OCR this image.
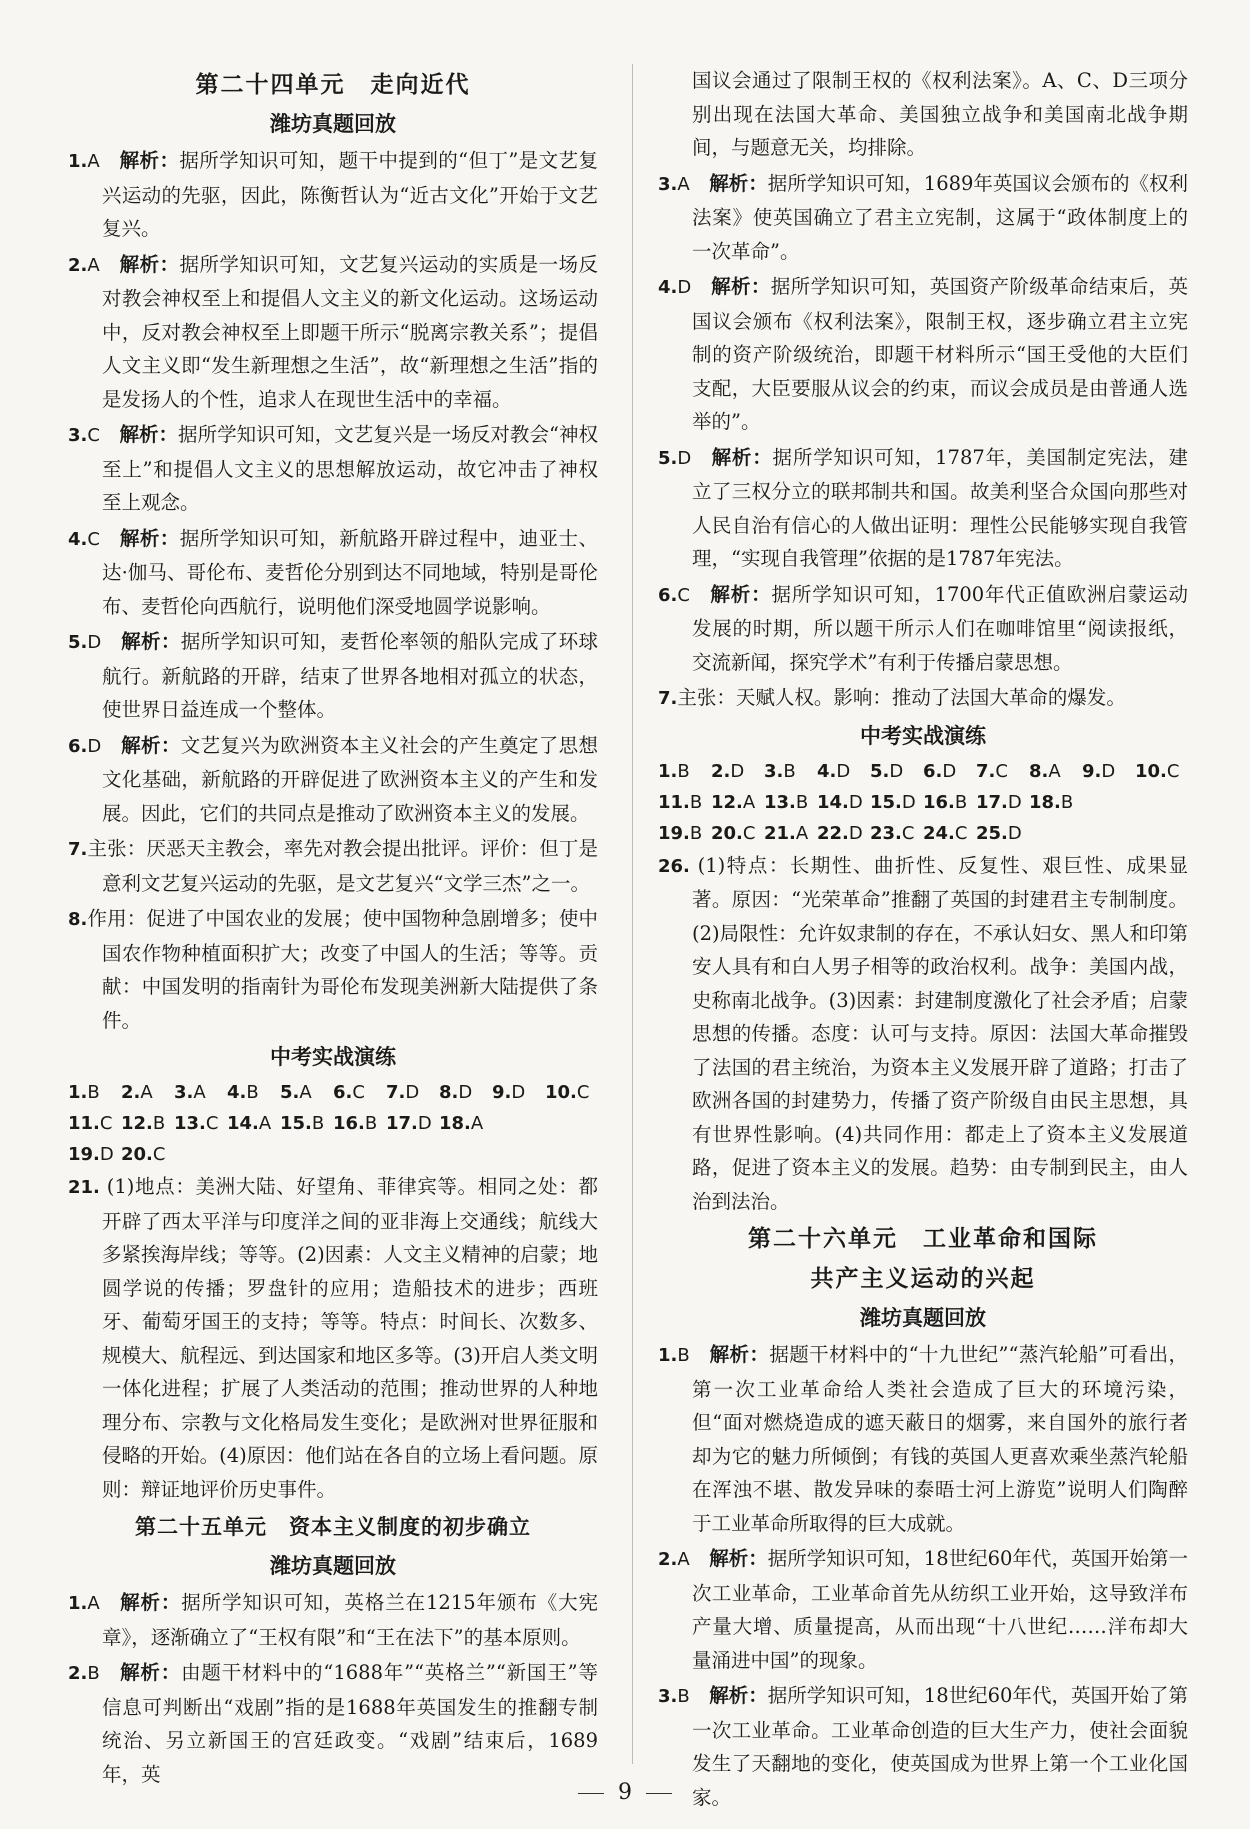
第二十四单元　走向近代
潍坊真题回放
1.A  解析：据所学知识可知，题干中提到的“但丁”是文艺复兴运动的先驱，因此，陈衡哲认为“近古文化”开始于文艺复兴。
2.A  解析：据所学知识可知，文艺复兴运动的实质是一场反对教会神权至上和提倡人文主义的新文化运动。这场运动中，反对教会神权至上即题干所示“脱离宗教关系”；提倡人文主义即“发生新理想之生活”，故“新理想之生活”指的是发扬人的个性，追求人在现世生活中的幸福。
3.C  解析：据所学知识可知，文艺复兴是一场反对教会“神权至上”和提倡人文主义的思想解放运动，故它冲击了神权至上观念。
4.C  解析：据所学知识可知，新航路开辟过程中，迪亚士、达·伽马、哥伦布、麦哲伦分别到达不同地域，特别是哥伦布、麦哲伦向西航行，说明他们深受地圆学说影响。
5.D  解析：据所学知识可知，麦哲伦率领的船队完成了环球航行。新航路的开辟，结束了世界各地相对孤立的状态，使世界日益连成一个整体。
6.D  解析：文艺复兴为欧洲资本主义社会的产生奠定了思想文化基础，新航路的开辟促进了欧洲资本主义的产生和发展。因此，它们的共同点是推动了欧洲资本主义的发展。
7.主张：厌恶天主教会，率先对教会提出批评。评价：但丁是意利文艺复兴运动的先驱，是文艺复兴“文学三杰”之一。
8.作用：促进了中国农业的发展；使中国物种急剧增多；使中国农作物种植面积扩大；改变了中国人的生活；等等。贡献：中国发明的指南针为哥伦布发现美洲新大陆提供了条件。
中考实战演练
1.B	2.A	3.A	4.B	5.A	6.C	7.D	8.D	9.D	10.C
11.C 12.B 13.C 14.A 15.B 16.B 17.D 18.A
19.D 20.C
21. (1)地点：美洲大陆、好望角、菲律宾等。相同之处：都开辟了西太平洋与印度洋之间的亚非海上交通线；航线大多紧挨海岸线；等等。(2)因素：人文主义精神的启蒙；地圆学说的传播；罗盘针的应用；造船技术的进步；西班牙、葡萄牙国王的支持；等等。特点：时间长、次数多、规模大、航程远、到达国家和地区多等。(3)开启人类文明一体化进程；扩展了人类活动的范围；推动世界的人种地理分布、宗教与文化格局发生变化；是欧洲对世界征服和侵略的开始。(4)原因：他们站在各自的立场上看问题。原则：辩证地评价历史事件。
第二十五单元　资本主义制度的初步确立
潍坊真题回放
1.A  解析：据所学知识可知，英格兰在1215年颁布《大宪章》，逐渐确立了“王权有限”和“王在法下”的基本原则。
2.B  解析：由题干材料中的“1688年”“英格兰”“新国王”等信息可判断出“戏剧”指的是1688年英国发生的推翻专制统治、另立新国王的宫廷政变。“戏剧”结束后，1689年，英
国议会通过了限制王权的《权利法案》。A、C、D三项分别出现在法国大革命、美国独立战争和美国南北战争期间，与题意无关，均排除。
3.A  解析：据所学知识可知，1689年英国议会颁布的《权利法案》使英国确立了君主立宪制，这属于“政体制度上的一次革命”。
4.D  解析：据所学知识可知，英国资产阶级革命结束后，英国议会颁布《权利法案》，限制王权，逐步确立君主立宪制的资产阶级统治，即题干材料所示“国王受他的大臣们支配，大臣要服从议会的约束，而议会成员是由普通人选举的”。
5.D  解析：据所学知识可知，1787年，美国制定宪法，建立了三权分立的联邦制共和国。故美利坚合众国向那些对人民自治有信心的人做出证明：理性公民能够实现自我管理，“实现自我管理”依据的是1787年宪法。
6.C  解析：据所学知识可知，1700年代正值欧洲启蒙运动发展的时期，所以题干所示人们在咖啡馆里“阅读报纸，交流新闻，探究学术”有利于传播启蒙思想。
7.主张：天赋人权。影响：推动了法国大革命的爆发。
中考实战演练
1.B	2.D	3.B	4.D	5.D	6.D	7.C	8.A	9.D	10.C
11.B 12.A 13.B 14.D 15.D 16.B 17.D 18.B
19.B 20.C 21.A 22.D 23.C 24.C 25.D
26. (1)特点：长期性、曲折性、反复性、艰巨性、成果显著。原因：“光荣革命”推翻了英国的封建君主专制制度。(2)局限性：允许奴隶制的存在，不承认妇女、黑人和印第安人具有和白人男子相等的政治权利。战争：美国内战，史称南北战争。(3)因素：封建制度激化了社会矛盾；启蒙思想的传播。态度：认可与支持。原因：法国大革命摧毁了法国的君主统治，为资本主义发展开辟了道路；打击了欧洲各国的封建势力，传播了资产阶级自由民主思想，具有世界性影响。(4)共同作用：都走上了资本主义发展道路，促进了资本主义的发展。趋势：由专制到民主，由人治到法治。
第二十六单元　工业革命和国际
共产主义运动的兴起
潍坊真题回放
1.B  解析：据题干材料中的“十九世纪”“蒸汽轮船”可看出，第一次工业革命给人类社会造成了巨大的环境污染，但“面对燃烧造成的遮天蔽日的烟雾，来自国外的旅行者却为它的魅力所倾倒；有钱的英国人更喜欢乘坐蒸汽轮船在浑浊不堪、散发异味的泰晤士河上游览”说明人们陶醉于工业革命所取得的巨大成就。
2.A  解析：据所学知识可知，18世纪60年代，英国开始第一次工业革命，工业革命首先从纺织工业开始，这导致洋布产量大增、质量提高，从而出现“十八世纪……洋布却大量涌进中国”的现象。
3.B  解析：据所学知识可知，18世纪60年代，英国开始了第一次工业革命。工业革命创造的巨大生产力，使社会面貌发生了天翻地的变化，使英国成为世界上第一个工业化国家。
9
